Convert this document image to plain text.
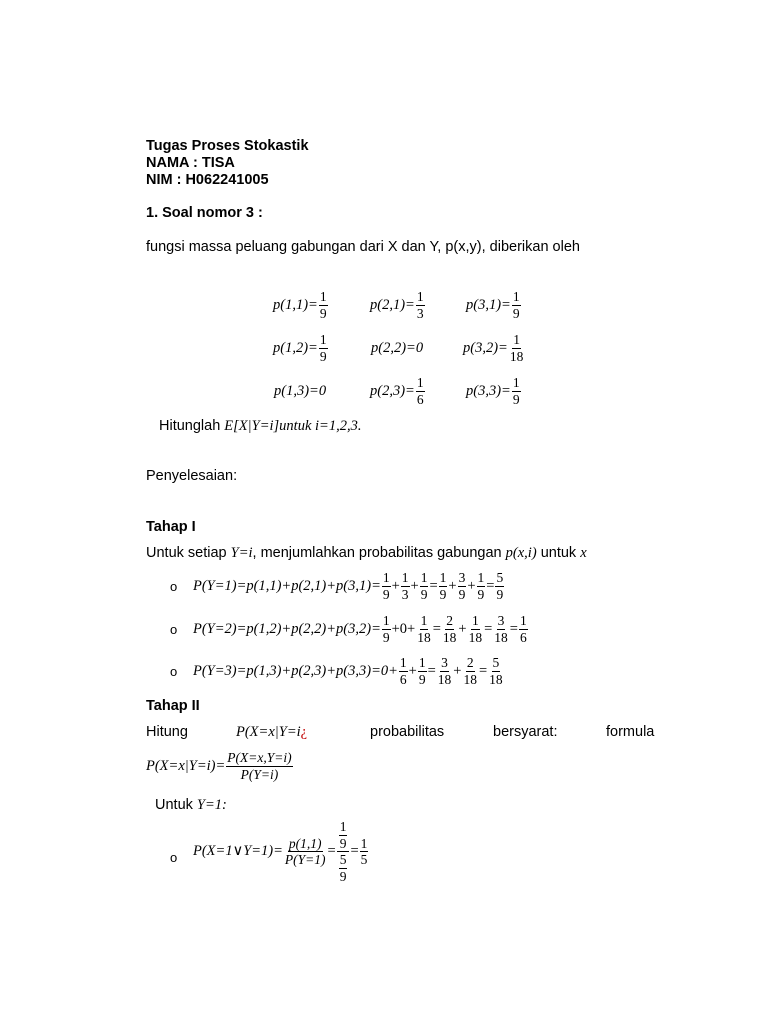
Tugas Proses Stokastik
NAMA : TISA
NIM : H062241005
1. Soal nomor 3 :
fungsi massa peluang gabungan dari X dan Y, p(x,y), diberikan oleh
$p(1,1)= \frac{1}{9}$	$p(2,1)= \frac{1}{3}$	$p(3,1)= \frac{1}{9}$
$p(1,2)= \frac{1}{9}$	p(2,2)=0	$p(3,2)= \frac{1}{18}$
p(1,3)=0	$p(2,3)= \frac{1}{6}$	$p(3,3)= \frac{1}{9}$
Hitunglah E[X|Y=i]untuk i=1,2,3.
Penyelesaian:
Tahap I
Untuk setiap Y=i, menjumlahkan probabilitas gabungan p(x,i) untuk x
o $P(Y=1)=p(1,1)+p(2,1)+p(3,1)= \frac{1}{9} + \frac{1}{3} + \frac{1}{9} = \frac{1}{9} + \frac{3}{9} + \frac{1}{9} = \frac{5}{9}$
o $P(Y=2)=p(1,2)+p(2,2)+p(3,2)= \frac{1}{9} +0+ \frac{1}{18} = \frac{2}{18} + \frac{1}{18} = \frac{3}{18} = \frac{1}{6}$
o $P(Y=3)=p(1,3)+p(2,3)+p(3,3)=0+ \frac{1}{6} + \frac{1}{9} = \frac{3}{18} + \frac{2}{18} = \frac{5}{18}$
Tahap II
Hitung	P(X=x|Y=i¿	probabilitas	bersyarat:	formula
$P(X=x|Y=i)= \frac{P(X=x,Y=i)}{P(Y=i)}$
Untuk Y=1:
o P(X=1∨Y=1)= $\frac{p(1,1)}{P(Y=1)} = \frac{\frac{1}{9}}{\frac{5}{9}} = \frac{1}{5}$
